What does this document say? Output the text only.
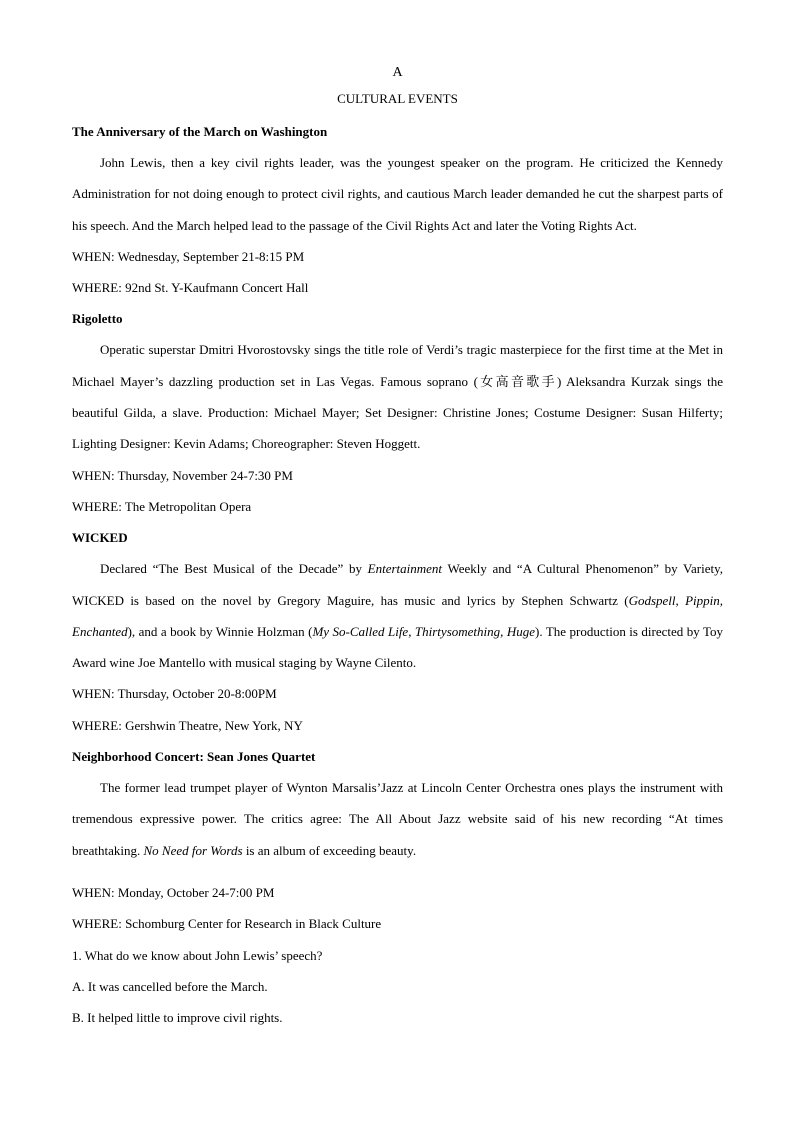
A

CULTURAL EVENTS

The Anniversary of the March on Washington

John Lewis, then a key civil rights leader, was the youngest speaker on the program. He criticized the Kennedy Administration for not doing enough to protect civil rights, and cautious March leader demanded he cut the sharpest parts of his speech. And the March helped lead to the passage of the Civil Rights Act and later the Voting Rights Act.

WHEN: Wednesday, September 21-8:15 PM

WHERE: 92nd St. Y-Kaufmann Concert Hall

Rigoletto

Operatic superstar Dmitri Hvorostovsky sings the title role of Verdi’s tragic masterpiece for the first time at the Met in Michael Mayer’s dazzling production set in Las Vegas. Famous soprano (女高音歌手) Aleksandra Kurzak sings the beautiful Gilda, a slave. Production: Michael Mayer; Set Designer: Christine Jones; Costume Designer: Susan Hilferty; Lighting Designer: Kevin Adams; Choreographer: Steven Hoggett.

WHEN: Thursday, November 24-7:30 PM

WHERE: The Metropolitan Opera

WICKED

Declared “The Best Musical of the Decade” by Entertainment Weekly and “A Cultural Phenomenon” by Variety, WICKED is based on the novel by Gregory Maguire, has music and lyrics by Stephen Schwartz (Godspell, Pippin, Enchanted), and a book by Winnie Holzman (My So-Called Life, Thirtysomething, Huge). The production is directed by Toy Award wine Joe Mantello with musical staging by Wayne Cilento.

WHEN: Thursday, October 20-8:00PM

WHERE: Gershwin Theatre, New York, NY

Neighborhood Concert: Sean Jones Quartet

The former lead trumpet player of Wynton Marsalis’Jazz at Lincoln Center Orchestra ones plays the instrument with tremendous expressive power. The critics agree: The All About Jazz website said of his new recording “At times breathtaking. No Need for Words is an album of exceeding beauty.

WHEN: Monday, October 24-7:00 PM

WHERE: Schomburg Center for Research in Black Culture

1. What do we know about John Lewis’ speech?

A. It was cancelled before the March.

B. It helped little to improve civil rights.
